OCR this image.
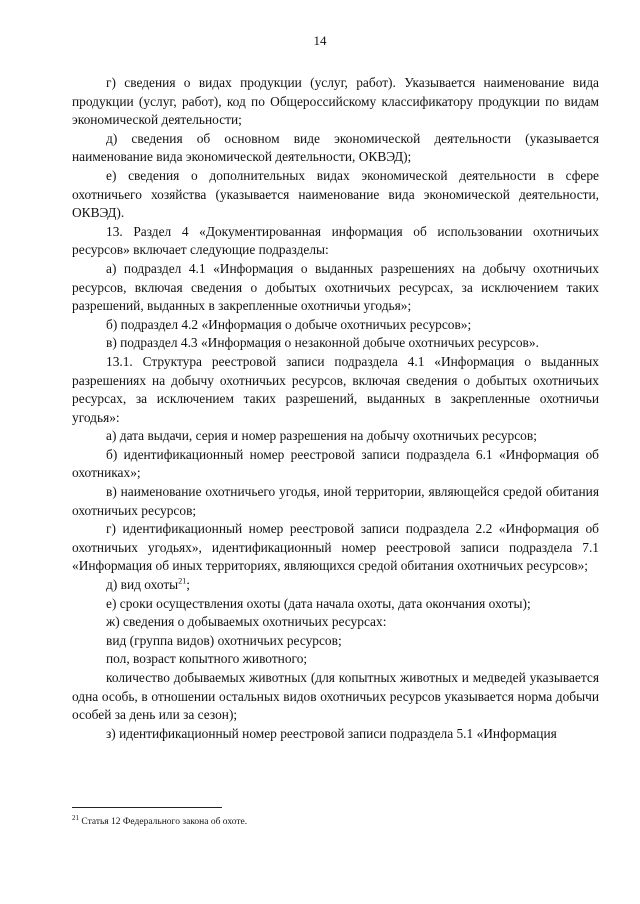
14

г) сведения о видах продукции (услуг, работ). Указывается наименование вида продукции (услуг, работ), код по Общероссийскому классификатору продукции по видам экономической деятельности;

д) сведения об основном виде экономической деятельности (указывается наименование вида экономической деятельности, ОКВЭД);

е) сведения о дополнительных видах экономической деятельности в сфере охотничьего хозяйства (указывается наименование вида экономической деятельности, ОКВЭД).

13. Раздел 4 «Документированная информация об использовании охотничьих ресурсов» включает следующие подразделы:

а) подраздел 4.1 «Информация о выданных разрешениях на добычу охотничьих ресурсов, включая сведения о добытых охотничьих ресурсах, за исключением таких разрешений, выданных в закрепленные охотничьи угодья»;

б) подраздел 4.2 «Информация о добыче охотничьих ресурсов»;

в) подраздел 4.3 «Информация о незаконной добыче охотничьих ресурсов».

13.1. Структура реестровой записи подраздела 4.1 «Информация о выданных разрешениях на добычу охотничьих ресурсов, включая сведения о добытых охотничьих ресурсах, за исключением таких разрешений, выданных в закрепленные охотничьи угодья»:

а) дата выдачи, серия и номер разрешения на добычу охотничьих ресурсов;

б) идентификационный номер реестровой записи подраздела 6.1 «Информация об охотниках»;

в) наименование охотничьего угодья, иной территории, являющейся средой обитания охотничьих ресурсов;

г) идентификационный номер реестровой записи подраздела 2.2 «Информация об охотничьих угодьях», идентификационный номер реестровой записи подраздела 7.1 «Информация об иных территориях, являющихся средой обитания охотничьих ресурсов»;

д) вид охоты$^{21}$;

е) сроки осуществления охоты (дата начала охоты, дата окончания охоты);

ж) сведения о добываемых охотничьих ресурсах:

вид (группа видов) охотничьих ресурсов;

пол, возраст копытного животного;

количество добываемых животных (для копытных животных и медведей указывается одна особь, в отношении остальных видов охотничьих ресурсов указывается норма добычи особей за день или за сезон);

з) идентификационный номер реестровой записи подраздела 5.1 «Информация

$^{21}$ Статья 12 Федерального закона об охоте.
